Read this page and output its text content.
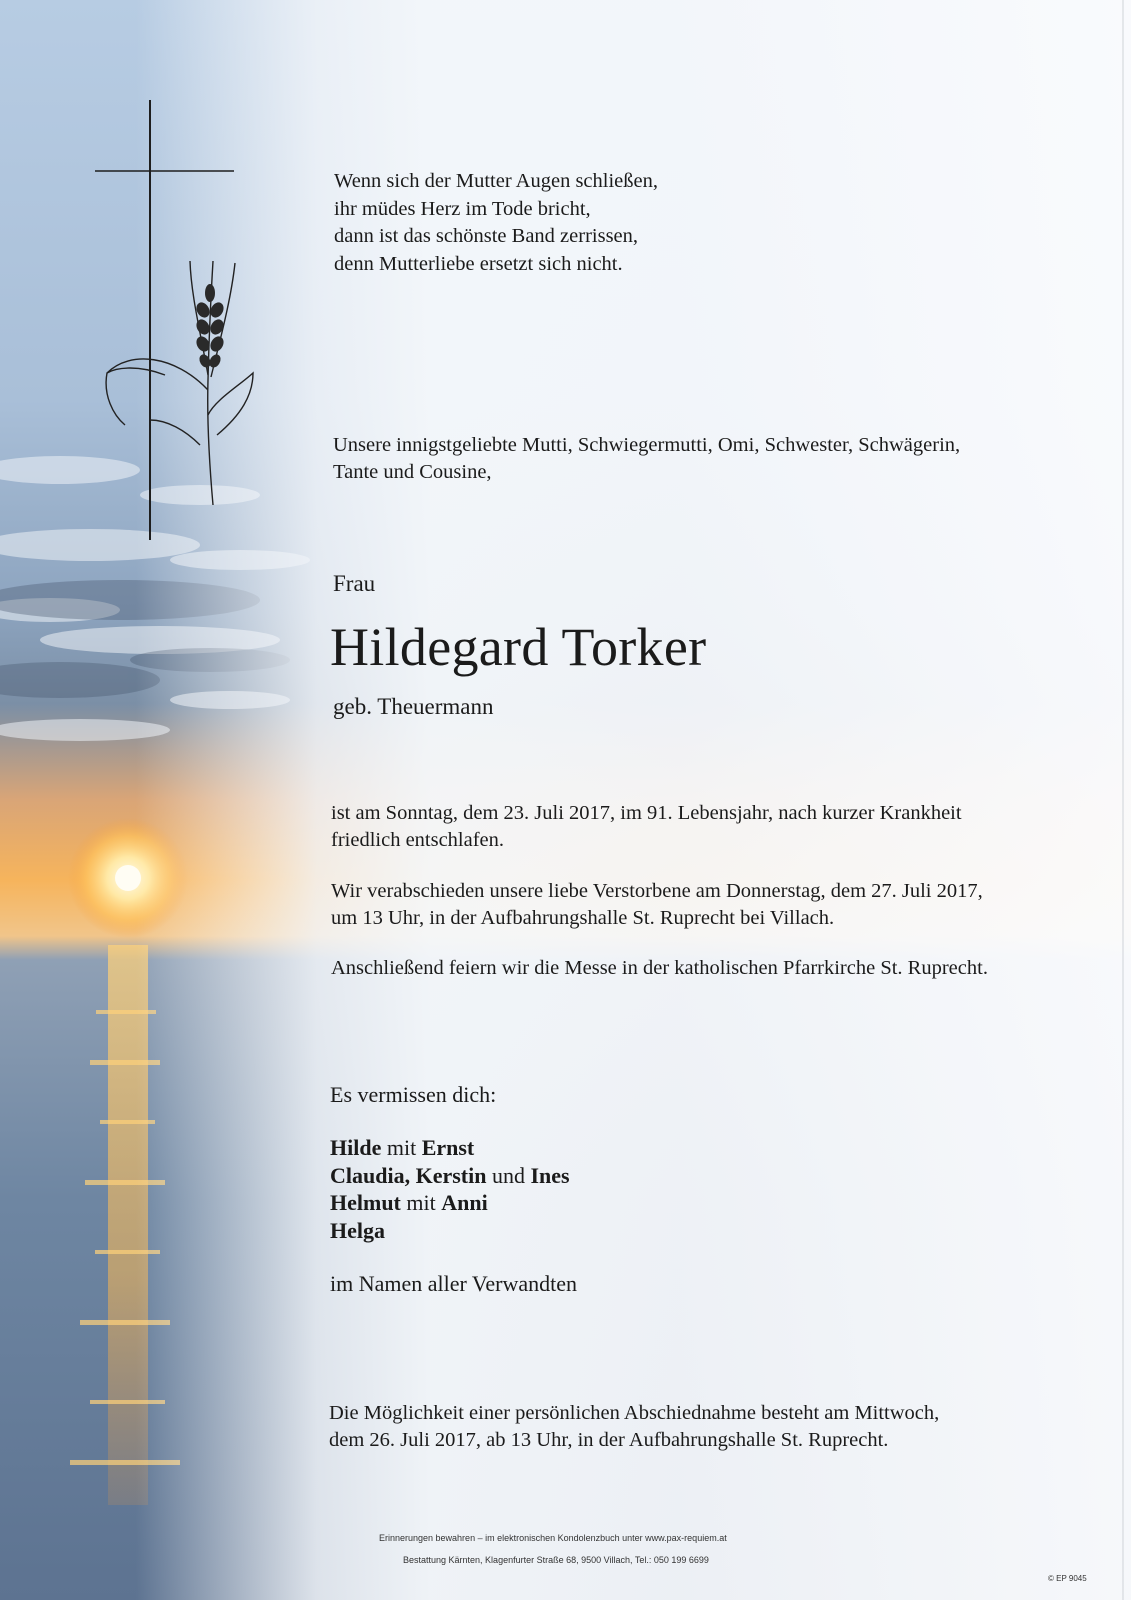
Wenn sich der Mutter Augen schließen,
ihr müdes Herz im Tode bricht,
dann ist das schönste Band zerrissen,
denn Mutterliebe ersetzt sich nicht.
Unsere innigstgeliebte Mutti, Schwiegermutti, Omi, Schwester, Schwägerin,
Tante und Cousine,
Frau
Hildegard Torker
geb. Theuermann
ist am Sonntag, dem 23. Juli 2017, im 91. Lebensjahr, nach kurzer Krankheit
friedlich entschlafen.
Wir verabschieden unsere liebe Verstorbene am Donnerstag, dem 27. Juli 2017,
um 13 Uhr, in der Aufbahrungshalle St. Ruprecht bei Villach.
Anschließend feiern wir die Messe in der katholischen Pfarrkirche St. Ruprecht.
Es vermissen dich:
Hilde mit Ernst
Claudia, Kerstin und Ines
Helmut mit Anni
Helga
im Namen aller Verwandten
Die Möglichkeit einer persönlichen Abschiednahme besteht am Mittwoch,
dem 26. Juli 2017, ab 13 Uhr, in der Aufbahrungshalle St. Ruprecht.
Erinnerungen bewahren – im elektronischen Kondolenzbuch unter www.pax-requiem.at
Bestattung Kärnten, Klagenfurter Straße 68, 9500 Villach, Tel.: 050 199 6699
© EP 9045
